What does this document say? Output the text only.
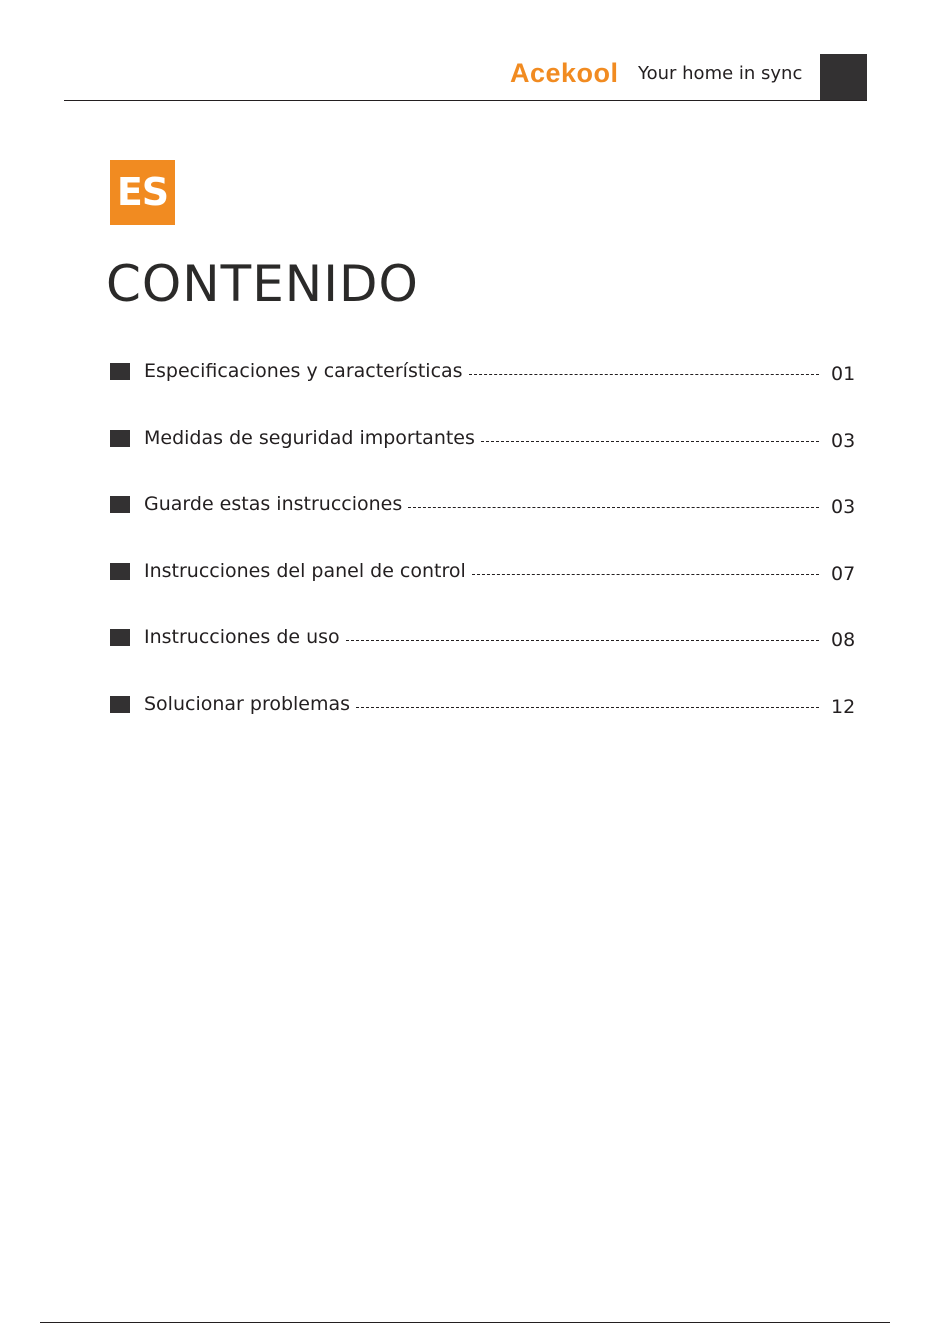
Acekool Your home in sync
ES
CONTENIDO
Especificaciones y características	01
Medidas de seguridad importantes	03
Guarde estas instrucciones	03
Instrucciones del panel de control	07
Instrucciones de uso	08
Solucionar problemas	12
